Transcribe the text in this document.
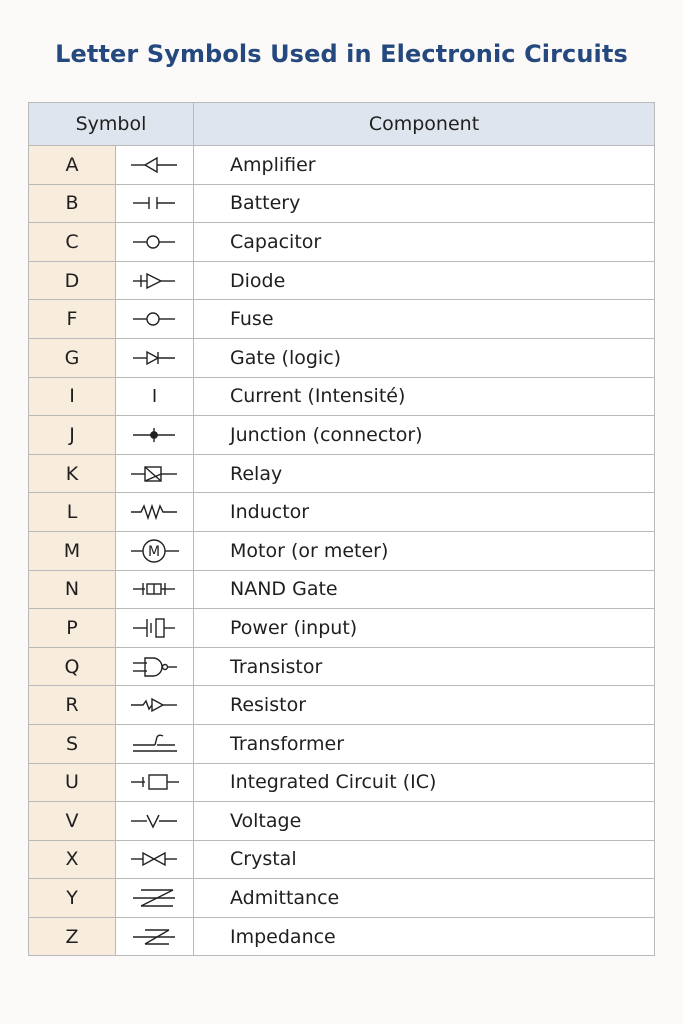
Letter Symbols Used in Electronic Circuits
Symbol		Component
A		Amplifier
B		Battery
C		Capacitor
D		Diode
F		Fuse
G		Gate (logic)
I	I	Current (Intensité)
J		Junction (connector)
K		Relay
L		Inductor
M	M	Motor (or meter)
N		NAND Gate
P		Power (input)
Q		Transistor
R		Resistor
S		Transformer
U		Integrated Circuit (IC)
V		Voltage
X		Crystal
Y		Admittance
Z		Impedance
